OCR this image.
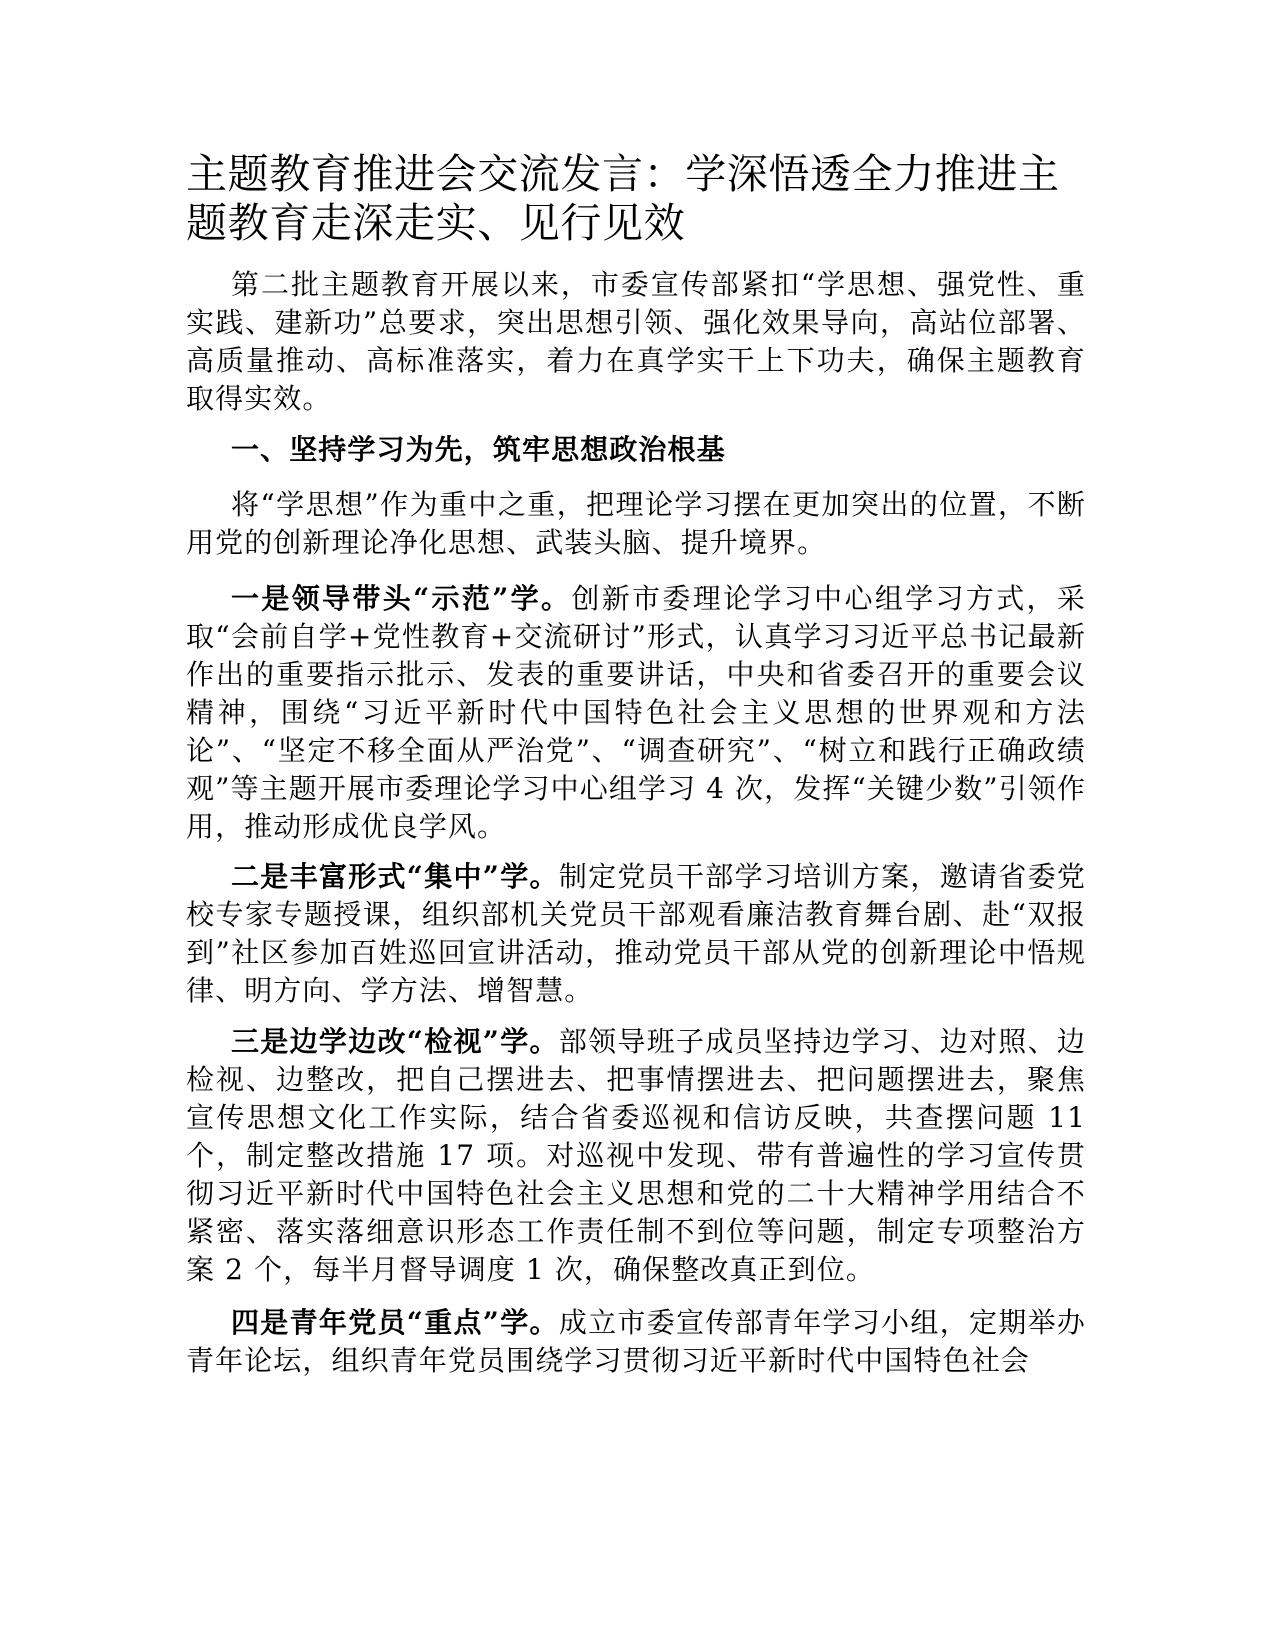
主题教育推进会交流发言：学深悟透全力推进主题教育走深走实、见行见效

第二批主题教育开展以来，市委宣传部紧扣“学思想、强党性、重实践、建新功”总要求，突出思想引领、强化效果导向，高站位部署、高质量推动、高标准落实，着力在真学实干上下功夫，确保主题教育取得实效。

一、坚持学习为先，筑牢思想政治根基

将“学思想”作为重中之重，把理论学习摆在更加突出的位置，不断用党的创新理论净化思想、武装头脑、提升境界。

一是领导带头“示范”学。创新市委理论学习中心组学习方式，采取“会前自学+党性教育+交流研讨”形式，认真学习习近平总书记最新作出的重要指示批示、发表的重要讲话，中央和省委召开的重要会议精神，围绕“习近平新时代中国特色社会主义思想的世界观和方法论”、“坚定不移全面从严治党”、“调查研究”、“树立和践行正确政绩观”等主题开展市委理论学习中心组学习 4 次，发挥“关键少数”引领作用，推动形成优良学风。

二是丰富形式“集中”学。制定党员干部学习培训方案，邀请省委党校专家专题授课，组织部机关党员干部观看廉洁教育舞台剧、赴“双报到”社区参加百姓巡回宣讲活动，推动党员干部从党的创新理论中悟规律、明方向、学方法、增智慧。

三是边学边改“检视”学。部领导班子成员坚持边学习、边对照、边检视、边整改，把自己摆进去、把事情摆进去、把问题摆进去，聚焦宣传思想文化工作实际，结合省委巡视和信访反映，共查摆问题 11 个，制定整改措施 17 项。对巡视中发现、带有普遍性的学习宣传贯彻习近平新时代中国特色社会主义思想和党的二十大精神学用结合不紧密、落实落细意识形态工作责任制不到位等问题，制定专项整治方案 2 个，每半月督导调度 1 次，确保整改真正到位。

四是青年党员“重点”学。成立市委宣传部青年学习小组，定期举办青年论坛，组织青年党员围绕学习贯彻习近平新时代中国特色社会
